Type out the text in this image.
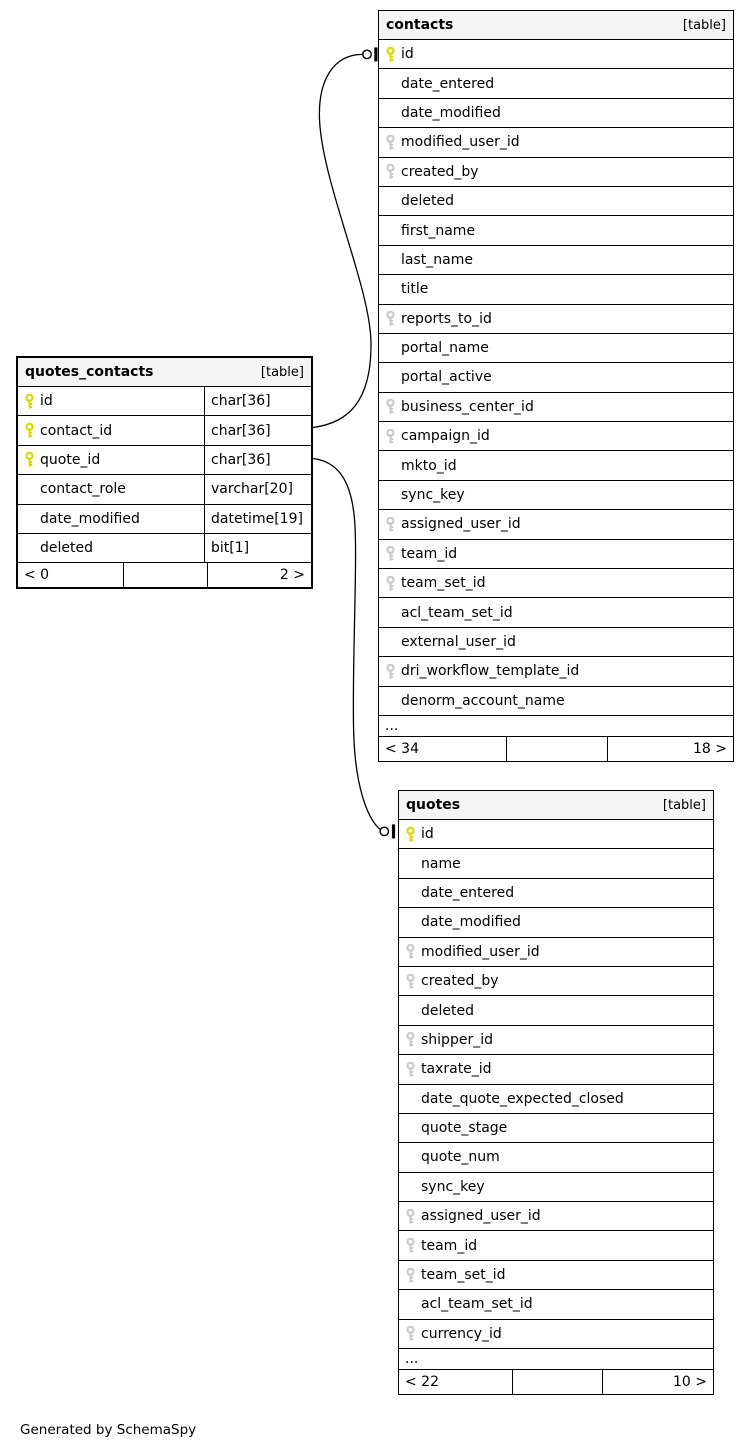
contacts	[table]
id
date_entered
date_modified
modified_user_id
created_by
deleted
first_name
last_name
title
reports_to_id
portal_name
portal_active
business_center_id
campaign_id
mkto_id
sync_key
assigned_user_id
team_id
team_set_id
acl_team_set_id
external_user_id
dri_workflow_template_id
denorm_account_name
...
< 34	18 >
quotes_contacts	[table]
id	char[36]
contact_id	char[36]
quote_id	char[36]
contact_role	varchar[20]
date_modified	datetime[19]
deleted	bit[1]
< 0	2 >
quotes	[table]
id
name
date_entered
date_modified
modified_user_id
created_by
deleted
shipper_id
taxrate_id
date_quote_expected_closed
quote_stage
quote_num
sync_key
assigned_user_id
team_id
team_set_id
acl_team_set_id
currency_id
...
< 22	10 >
Generated by SchemaSpy
